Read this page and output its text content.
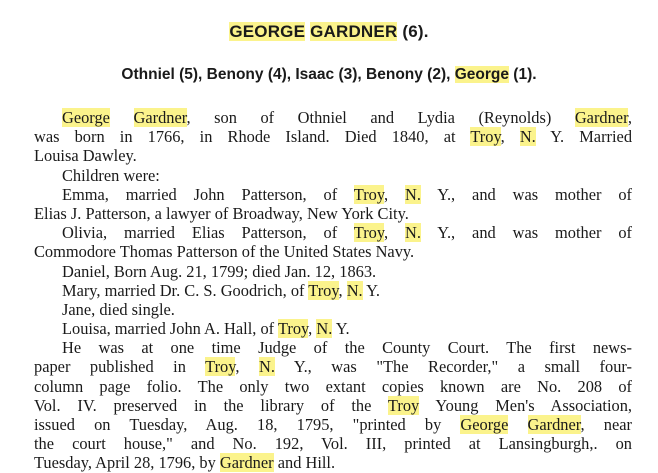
GEORGE GARDNER (6).
Othniel (5), Benony (4), Isaac (3), Benony (2), George (1).
George Gardner, son of Othniel and Lydia (Reynolds) Gardner,
was born in 1766, in Rhode Island. Died 1840, at Troy, N. Y. Married
Louisa Dawley.
Children were:
Emma, married John Patterson, of Troy, N. Y., and was mother of
Elias J. Patterson, a lawyer of Broadway, New York City.
Olivia, married Elias Patterson, of Troy, N. Y., and was mother of
Commodore Thomas Patterson of the United States Navy.
Daniel, Born Aug. 21, 1799; died Jan. 12, 1863.
Mary, married Dr. C. S. Goodrich, of Troy, N. Y.
Jane, died single.
Louisa, married John A. Hall, of Troy, N. Y.
He was at one time Judge of the County Court. The first news-
paper published in Troy, N. Y., was "The Recorder," a small four-
column page folio. The only two extant copies known are No. 208 of
Vol. IV. preserved in the library of the Troy Young Men's Association,
issued on Tuesday, Aug. 18, 1795, "printed by George Gardner, near
the court house," and No. 192, Vol. III, printed at Lansingburgh,. on
Tuesday, April 28, 1796, by Gardner and Hill.
